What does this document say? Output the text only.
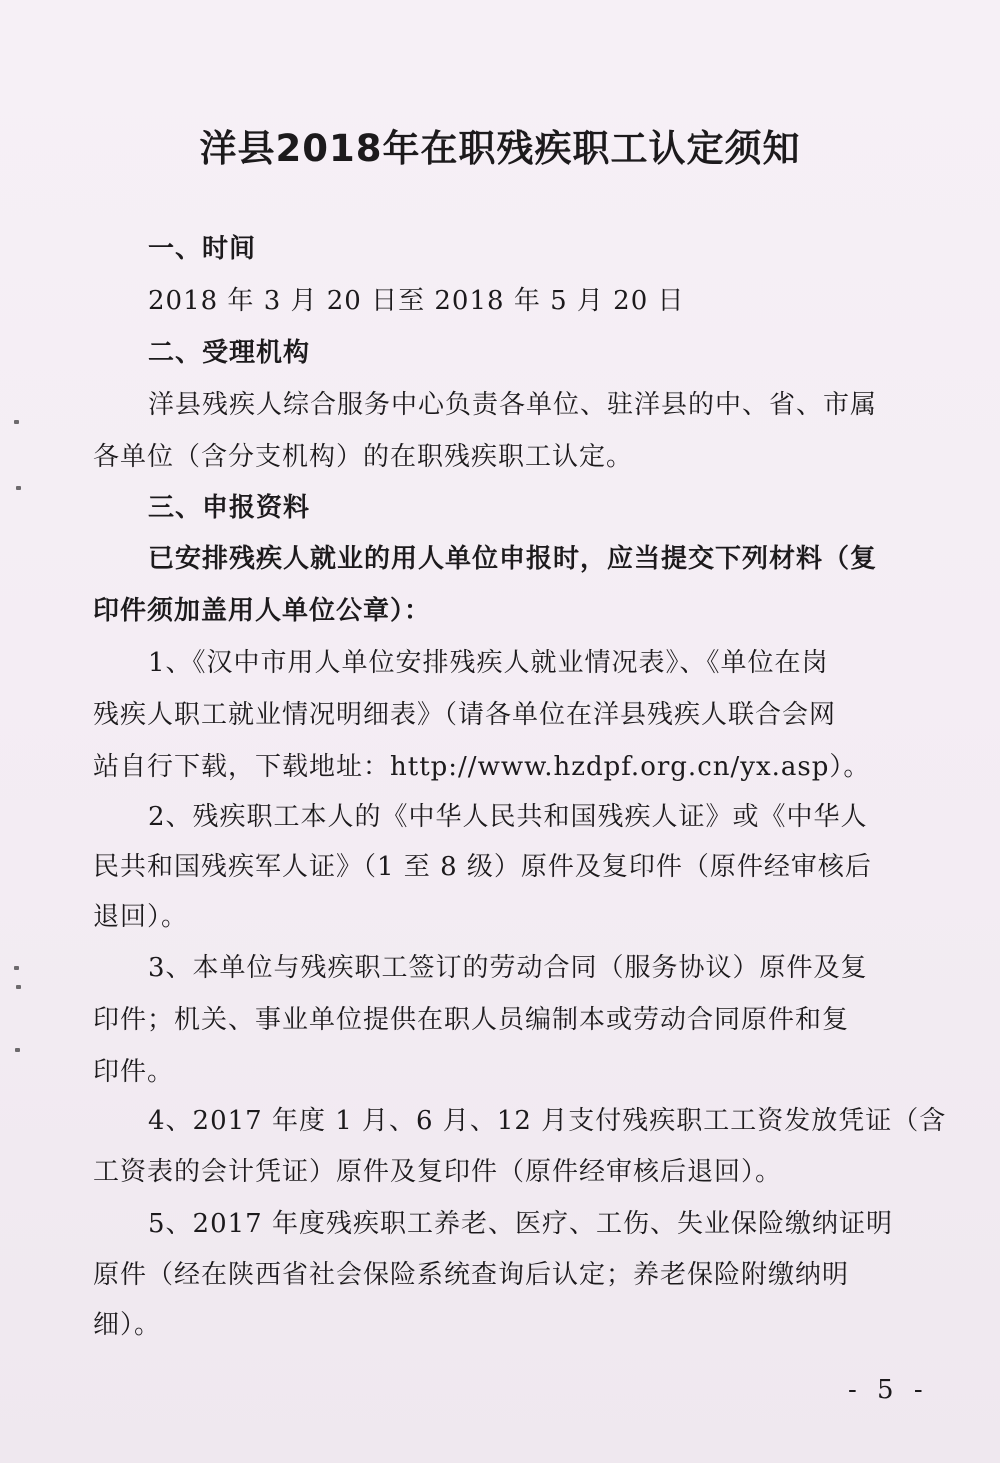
洋县2018年在职残疾职工认定须知
一、时间
2018 年 3 月 20 日至 2018 年 5 月 20 日
二、受理机构
洋县残疾人综合服务中心负责各单位、驻洋县的中、省、市属
各单位（含分支机构）的在职残疾职工认定。
三、申报资料
已安排残疾人就业的用人单位申报时，应当提交下列材料（复
印件须加盖用人单位公章）：
1、《汉中市用人单位安排残疾人就业情况表》、《单位在岗
残疾人职工就业情况明细表》（请各单位在洋县残疾人联合会网
站自行下载，下载地址：http://www.hzdpf.org.cn/yx.asp）。
2、残疾职工本人的《中华人民共和国残疾人证》或《中华人
民共和国残疾军人证》（1 至 8 级）原件及复印件（原件经审核后
退回）。
3、本单位与残疾职工签订的劳动合同（服务协议）原件及复
印件；机关、事业单位提供在职人员编制本或劳动合同原件和复
印件。
4、2017 年度 1 月、6 月、12 月支付残疾职工工资发放凭证（含
工资表的会计凭证）原件及复印件（原件经审核后退回）。
5、2017 年度残疾职工养老、医疗、工伤、失业保险缴纳证明
原件（经在陕西省社会保险系统查询后认定；养老保险附缴纳明
细）。
- 5 -
